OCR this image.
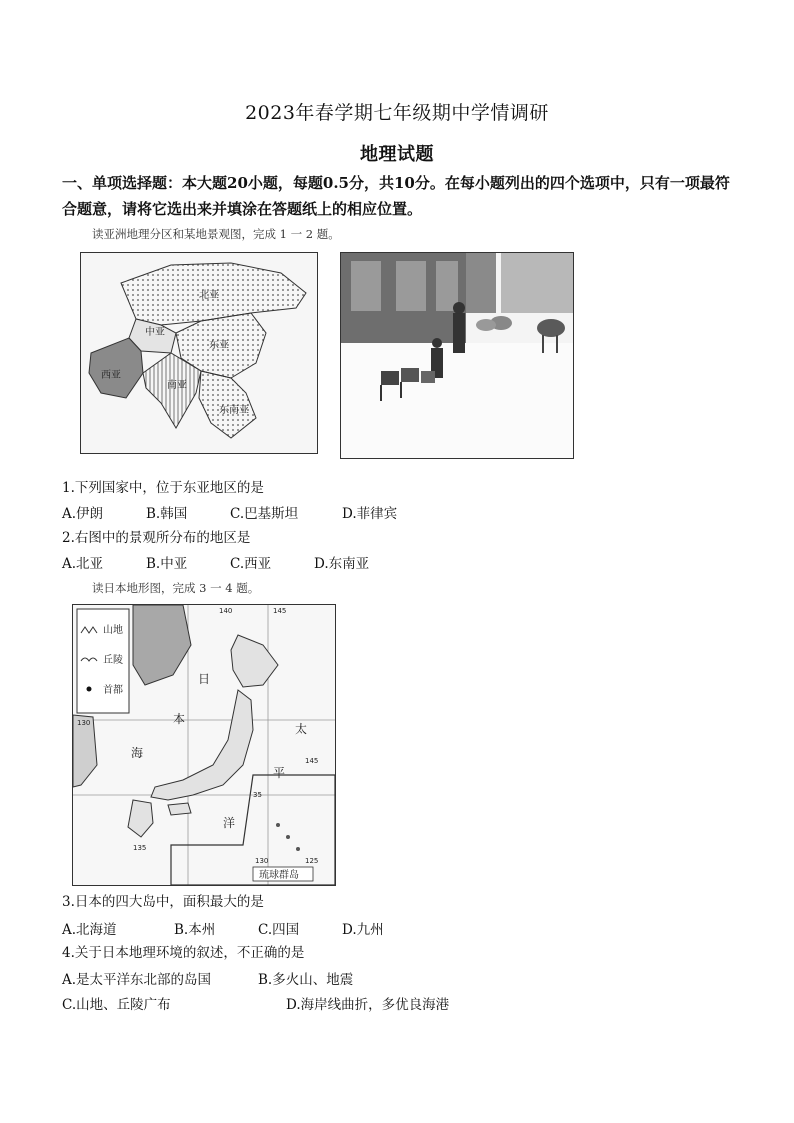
2023年春学期七年级期中学情调研
地理试题
一、单项选择题：本大题20小题，每题0.5分，共10分。在每小题列出的四个选项中，只有一项最符合题意，请将它选出来并填涂在答题纸上的相应位置。
读亚洲地理分区和某地景观图，完成 1 一 2 题。
北亚
中亚
东亚
西亚
南亚
东南亚
1.下列国家中，位于东亚地区的是
A.伊朗	B.韩国	C.巴基斯坦	D.菲律宾
2.右图中的景观所分布的地区是
A.北亚	B.中亚	C.西亚	D.东南亚
读日本地形图，完成 3 一 4 题。
山地
丘陵
首都
日
本
海
太
平
洋
140	145
130
135
35
130
145
125
琉球群岛
3.日本的四大岛中，面积最大的是
A.北海道	B.本州	C.四国	D.九州
4.关于日本地理环境的叙述，不正确的是
A.是太平洋东北部的岛国	B.多火山、地震
C.山地、丘陵广布	D.海岸线曲折，多优良海港
